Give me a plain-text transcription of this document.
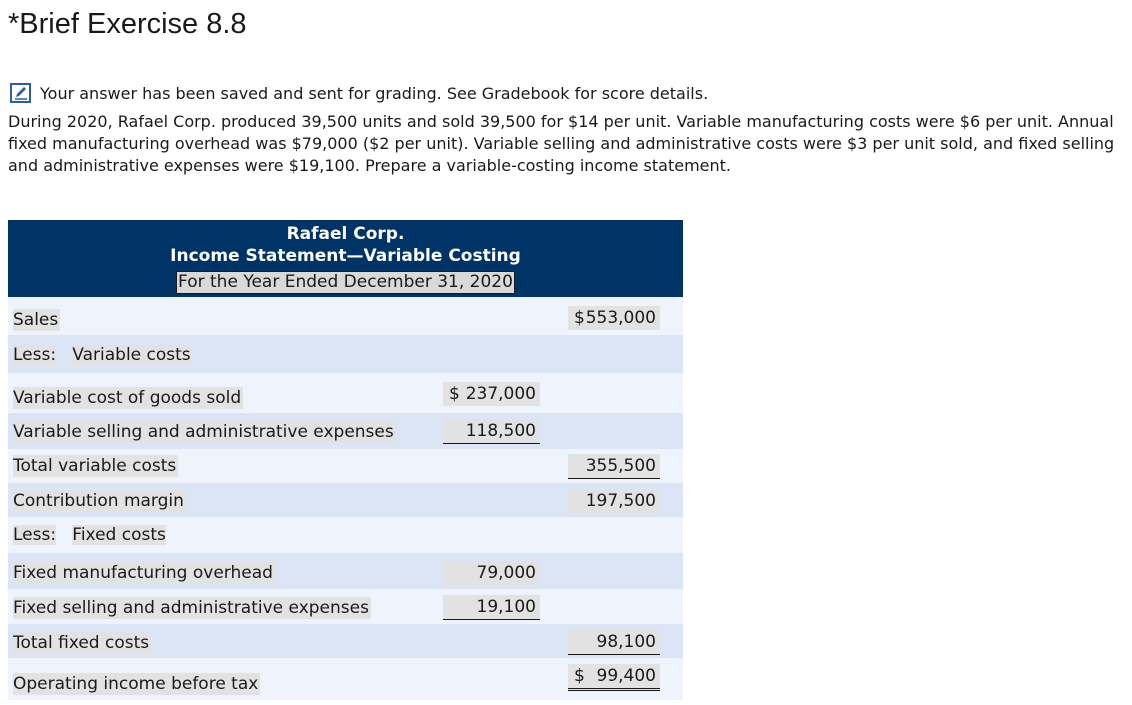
*Brief Exercise 8.8
Your answer has been saved and sent for grading. See Gradebook for score details.

During 2020, Rafael Corp. produced 39,500 units and sold 39,500 for $14 per unit. Variable manufacturing costs were $6 per unit. Annual fixed manufacturing overhead was $79,000 ($2 per unit). Variable selling and administrative costs were $3 per unit sold, and fixed selling and administrative expenses were $19,100. Prepare a variable-costing income statement.

Rafael Corp.
Income Statement—Variable Costing
For the Year Ended December 31, 2020
Sales	$ 553,000
Less: Variable costs
Variable cost of goods sold	$ 237,000
Variable selling and administrative expenses	118,500
Total variable costs	355,500
Contribution margin	197,500
Less: Fixed costs
Fixed manufacturing overhead	79,000
Fixed selling and administrative expenses	19,100
Total fixed costs	98,100
Operating income before tax	$ 99,400
